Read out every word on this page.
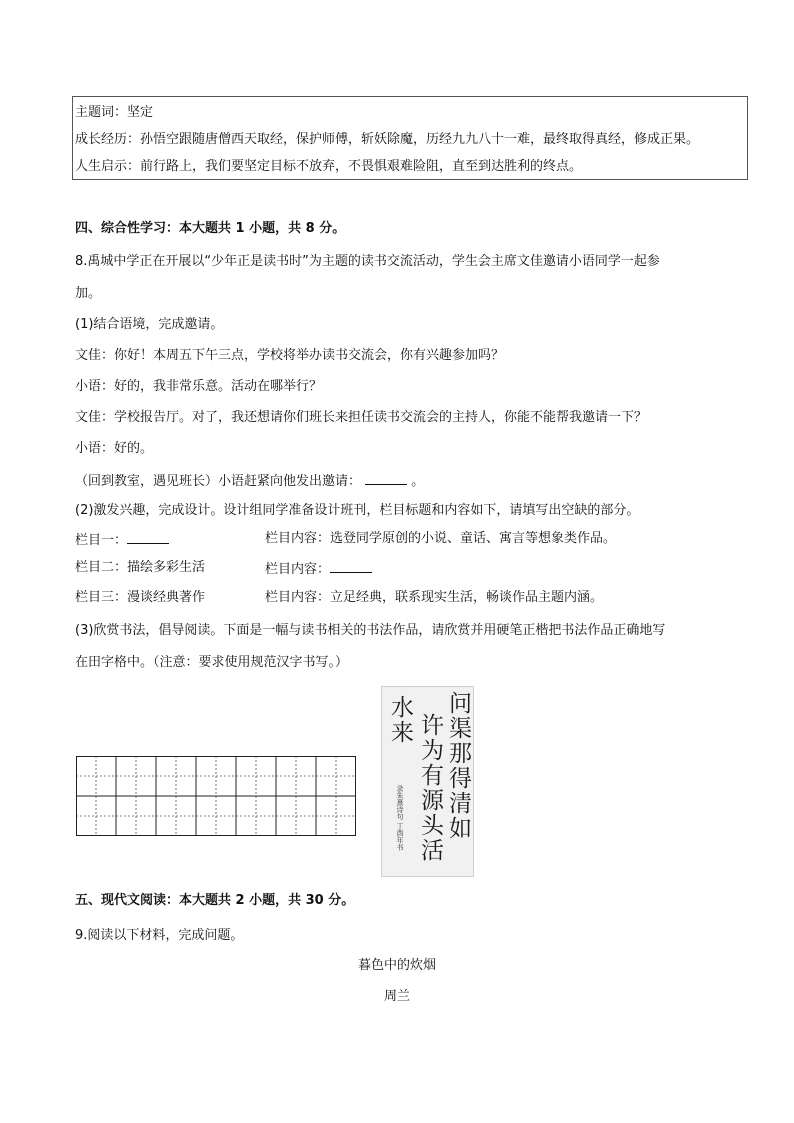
主题词：坚定
成长经历：孙悟空跟随唐僧西天取经，保护师傅，斩妖除魔，历经九九八十一难，最终取得真经，修成正果。
人生启示：前行路上，我们要坚定目标不放弃，不畏惧艰难险阻，直至到达胜利的终点。
四、综合性学习：本大题共 1 小题，共 8 分。
8.禹城中学正在开展以“少年正是读书时”为主题的读书交流活动，学生会主席文佳邀请小语同学一起参
加。
(1)结合语境，完成邀请。
文佳：你好！本周五下午三点，学校将举办读书交流会，你有兴趣参加吗？
小语：好的，我非常乐意。活动在哪举行？
文佳：学校报告厅。对了，我还想请你们班长来担任读书交流会的主持人，你能不能帮我邀请一下？
小语：好的。
（回到教室，遇见班长）小语赶紧向他发出邀请：	。
(2)激发兴趣，完成设计。设计组同学准备设计班刊，栏目标题和内容如下，请填写出空缺的部分。
栏目一：	栏目内容：选登同学原创的小说、童话、寓言等想象类作品。
栏目二：描绘多彩生活	栏目内容：
栏目三：漫谈经典著作	栏目内容：立足经典，联系现实生活，畅谈作品主题内涵。
(3)欣赏书法，倡导阅读。下面是一幅与读书相关的书法作品，请欣赏并用硬笔正楷把书法作品正确地写
在田字格中。（注意：要求使用规范汉字书写。）
问渠那得清如
许为有源头活
水来
录朱熹诗句 丁酉年书
五、现代文阅读：本大题共 2 小题，共 30 分。
9.阅读以下材料，完成问题。
暮色中的炊烟
周兰
